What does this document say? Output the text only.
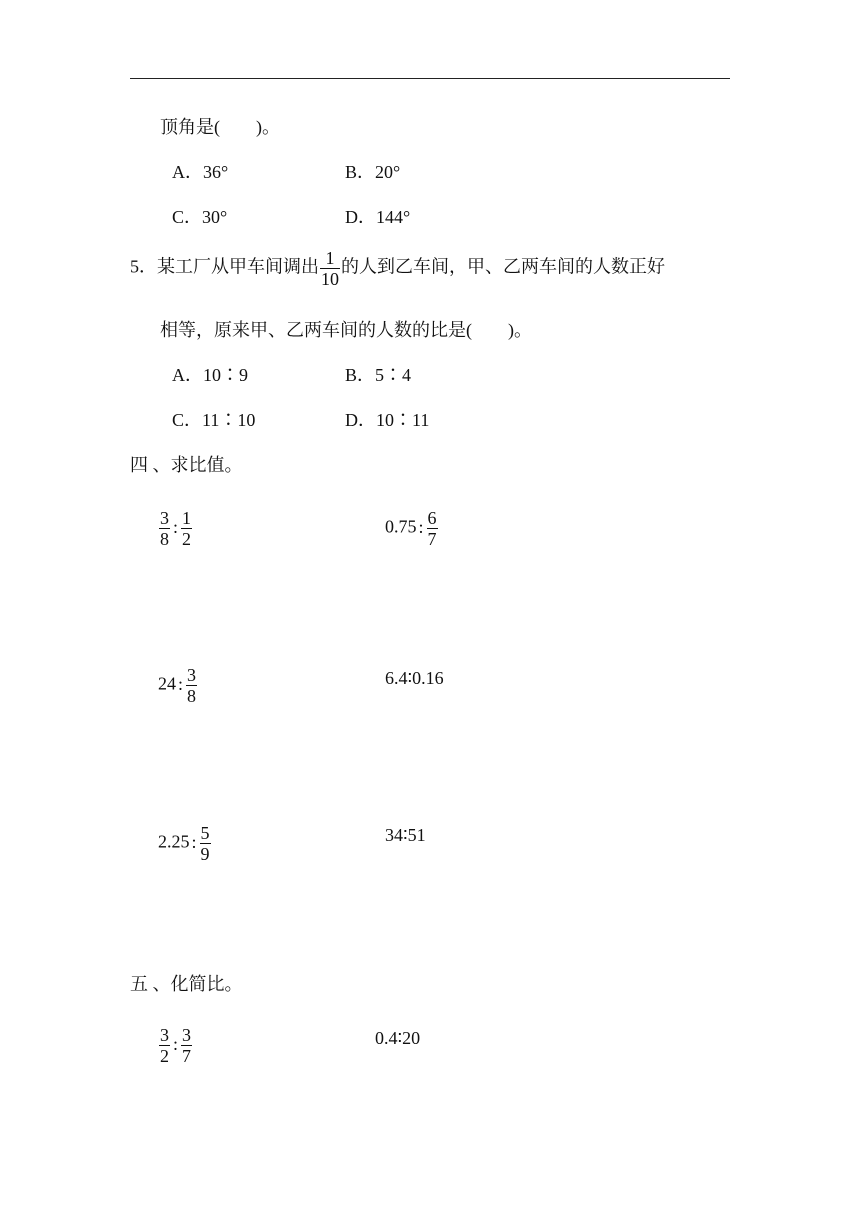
顶角是(　　)。
A．36°	B．20°
C．30°	D．144°
5．某工厂从甲车间调出 $\frac{1}{10}$ 的人到乙车间，甲、乙两车间的人数正好
相等，原来甲、乙两车间的人数的比是(　　)。
A．10∶9	B．5∶4
C．11∶10	D．10∶11
四 、求比值。
$\frac{3}{8}$ : $\frac{1}{2}$	0.75 : $\frac{6}{7}$
24 : $\frac{3}{8}$	6.4∶0.16
2.25 : $\frac{5}{9}$	34∶51
五 、化简比。
$\frac{3}{2}$ : $\frac{3}{7}$	0.4∶20
